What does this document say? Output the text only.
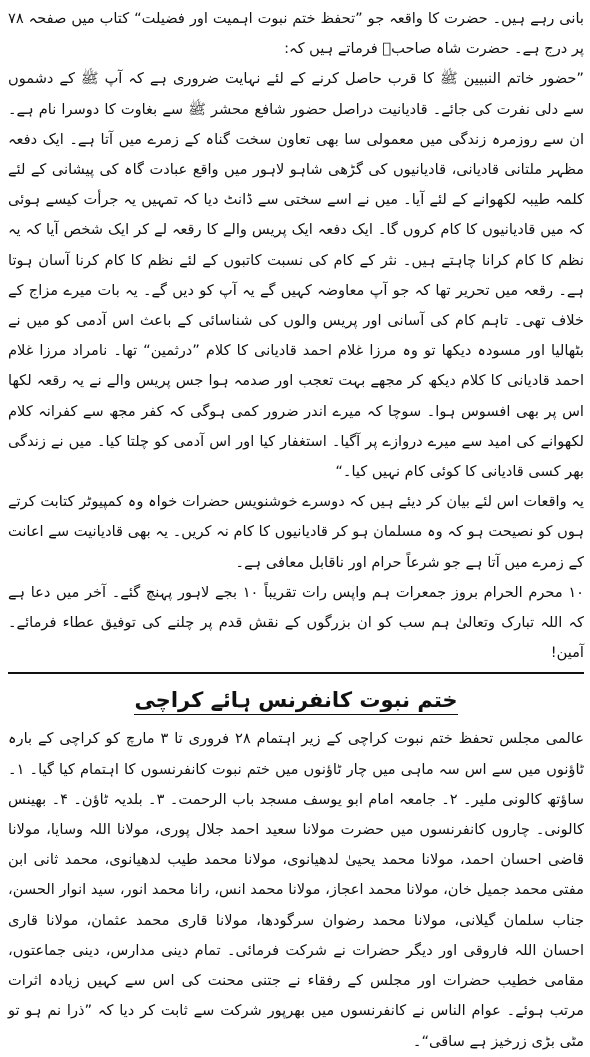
بانی رہے ہیں۔ حضرت کا واقعہ جو ”تحفظ ختم نبوت اہمیت اور فضیلت“ کتاب میں صفحہ ۷۸ پر درج ہے۔ حضرت شاہ صاحبؒ فرماتے ہیں کہ:

”حضور خاتم النبیین ﷺ کا قرب حاصل کرنے کے لئے نہایت ضروری ہے کہ آپ ﷺ کے دشموں سے دلی نفرت کی جائے۔ قادیانیت دراصل حضور شافع محشر ﷺ سے بغاوت کا دوسرا نام ہے۔ ان سے روزمرہ زندگی میں معمولی سا بھی تعاون سخت گناہ کے زمرے میں آتا ہے۔ ایک دفعہ مظہر ملتانی قادیانی، قادیانیوں کی گڑھی شاہو لاہور میں واقع عبادت گاہ کی پیشانی کے لئے کلمہ طیبہ لکھوانے کے لئے آیا۔ میں نے اسے سختی سے ڈانٹ دیا کہ تمہیں یہ جرأت کیسے ہوئی کہ میں قادیانیوں کا کام کروں گا۔ ایک دفعہ ایک پریس والے کا رقعہ لے کر ایک شخص آیا کہ یہ نظم کا کام کرانا چاہتے ہیں۔ نثر کے کام کی نسبت کاتبوں کے لئے نظم کا کام کرنا آسان ہوتا ہے۔ رقعہ میں تحریر تھا کہ جو آپ معاوضہ کہیں گے یہ آپ کو دیں گے۔ یہ بات میرے مزاج کے خلاف تھی۔ تاہم کام کی آسانی اور پریس والوں کی شناسائی کے باعث اس آدمی کو میں نے بٹھالیا اور مسودہ دیکھا تو وہ مرزا غلام احمد قادیانی کا کلام ”درثمین“ تھا۔ نامراد مرزا غلام احمد قادیانی کا کلام دیکھ کر مجھے بہت تعجب اور صدمہ ہوا جس پریس والے نے یہ رقعہ لکھا اس پر بھی افسوس ہوا۔ سوچا کہ میرے اندر ضرور کمی ہوگی کہ کفر مجھ سے کفرانہ کلام لکھوانے کی امید سے میرے دروازے پر آگیا۔ استغفار کیا اور اس آدمی کو چلتا کیا۔ میں نے زندگی بھر کسی قادیانی کا کوئی کام نہیں کیا۔“

یہ واقعات اس لئے بیان کر دیئے ہیں کہ دوسرے خوشنویس حضرات خواہ وہ کمپیوٹر کتابت کرتے ہوں کو نصیحت ہو کہ وہ مسلمان ہو کر قادیانیوں کا کام نہ کریں۔ یہ بھی قادیانیت سے اعانت کے زمرے میں آتا ہے جو شرعاً حرام اور ناقابل معافی ہے۔

۱۰ محرم الحرام بروز جمعرات ہم واپس رات تقریباً ۱۰ بجے لاہور پہنچ گئے۔ آخر میں دعا ہے کہ اللہ تبارک وتعالیٰ ہم سب کو ان بزرگوں کے نقش قدم پر چلنے کی توفیق عطاء فرمائے۔ آمین!

ختم نبوت کانفرنس ہائے کراچی

عالمی مجلس تحفظ ختم نبوت کراچی کے زیر اہتمام ۲۸ فروری تا ۳ مارچ کو کراچی کے بارہ ٹاؤنوں میں سے اس سہ ماہی میں چار ٹاؤنوں میں ختم نبوت کانفرنسوں کا اہتمام کیا گیا۔ ۱۔ ساؤتھ کالونی ملیر۔ ۲۔ جامعہ امام ابو یوسف مسجد باب الرحمت۔ ۳۔ بلدیہ ٹاؤن۔ ۴۔ بھینس کالونی۔ چاروں کانفرنسوں میں حضرت مولانا سعید احمد جلال پوری، مولانا اللہ وسایا، مولانا قاضی احسان احمد، مولانا محمد یحییٰ لدھیانوی، مولانا محمد طیب لدھیانوی، محمد ثانی ابن مفتی محمد جمیل خان، مولانا محمد اعجاز، مولانا محمد انس، رانا محمد انور، سید انوار الحسن، جناب سلمان گیلانی، مولانا محمد رضوان سرگودھا، مولانا قاری محمد عثمان، مولانا قاری احسان اللہ فاروقی اور دیگر حضرات نے شرکت فرمائی۔ تمام دینی مدارس، دینی جماعتوں، مقامی خطیب حضرات اور مجلس کے رفقاء نے جتنی محنت کی اس سے کہیں زیادہ اثرات مرتب ہوئے۔ عوام الناس نے کانفرنسوں میں بھرپور شرکت سے ثابت کر دیا کہ ”ذرا نم ہو تو مٹی بڑی زرخیز ہے ساقی“۔
